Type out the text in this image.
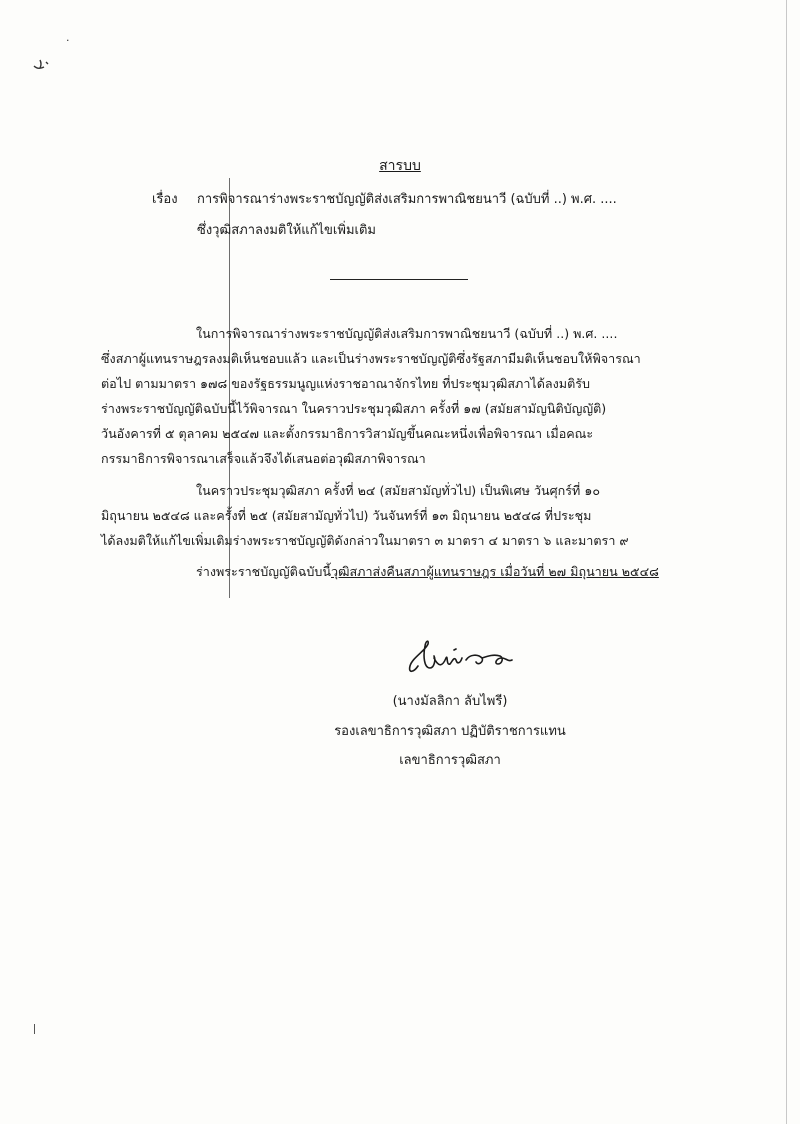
·
สารบบ
เรื่อง การพิจารณาร่างพระราชบัญญัติส่งเสริมการพาณิชยนาวี (ฉบับที่ ..) พ.ศ. ....
ซึ่งวุฒิสภาลงมติให้แก้ไขเพิ่มเติม
ในการพิจารณาร่างพระราชบัญญัติส่งเสริมการพาณิชยนาวี (ฉบับที่ ..) พ.ศ. ....
ซึ่งสภาผู้แทนราษฎรลงมติเห็นชอบแล้ว และเป็นร่างพระราชบัญญัติซึ่งรัฐสภามีมติเห็นชอบให้พิจารณา
ต่อไป ตามมาตรา ๑๗๘ ของรัฐธรรมนูญแห่งราชอาณาจักรไทย ที่ประชุมวุฒิสภาได้ลงมติรับ
ร่างพระราชบัญญัติฉบับนี้ไว้พิจารณา ในคราวประชุมวุฒิสภา ครั้งที่ ๑๗ (สมัยสามัญนิติบัญญัติ)
วันอังคารที่ ๕ ตุลาคม ๒๕๔๗ และตั้งกรรมาธิการวิสามัญขึ้นคณะหนึ่งเพื่อพิจารณา เมื่อคณะ
กรรมาธิการพิจารณาเสร็จแล้วจึงได้เสนอต่อวุฒิสภาพิจารณา
ในคราวประชุมวุฒิสภา ครั้งที่ ๒๔ (สมัยสามัญทั่วไป) เป็นพิเศษ วันศุกร์ที่ ๑๐
มิถุนายน ๒๕๔๘ และครั้งที่ ๒๕ (สมัยสามัญทั่วไป) วันจันทร์ที่ ๑๓ มิถุนายน ๒๕๔๘ ที่ประชุม
ได้ลงมติให้แก้ไขเพิ่มเติมร่างพระราชบัญญัติดังกล่าวในมาตรา ๓ มาตรา ๔ มาตรา ๖ และมาตรา ๙
ร่างพระราชบัญญัติฉบับนี้วุฒิสภาส่งคืนสภาผู้แทนราษฎร เมื่อวันที่ ๒๗ มิถุนายน ๒๕๔๘
(นางมัลลิกา ลับไพรี)
รองเลขาธิการวุฒิสภา ปฏิบัติราชการแทน
เลขาธิการวุฒิสภา
